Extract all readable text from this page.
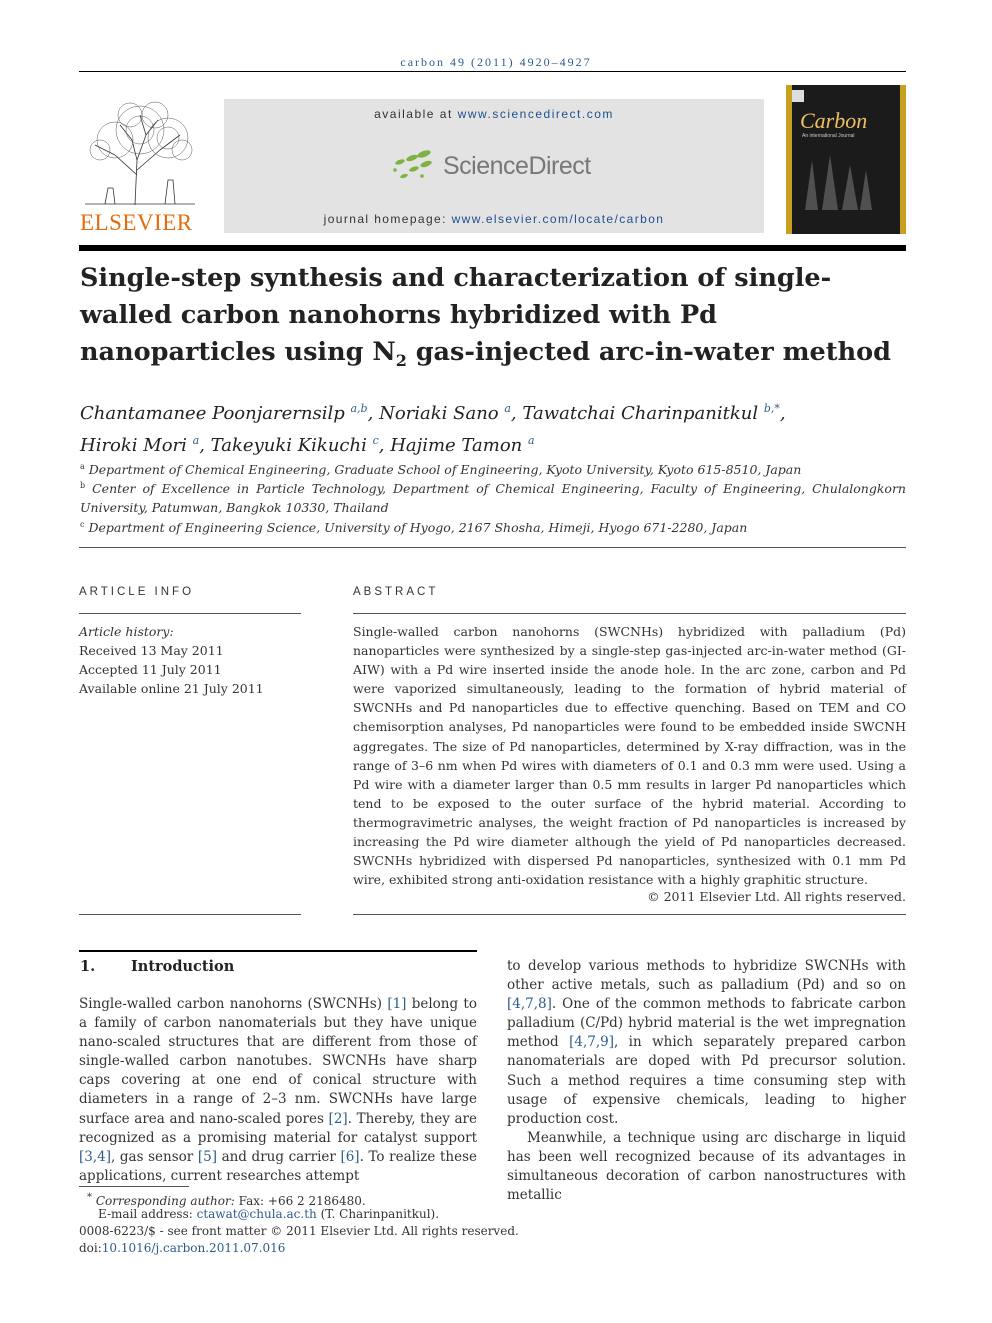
carbon 49 (2011) 4920–4927
ELSEVIER
available at www.sciencedirect.com
ScienceDirect
journal homepage: www.elsevier.com/locate/carbon
Carbon
An international Journal
Single-step synthesis and characterization of single-walled carbon nanohorns hybridized with Pd nanoparticles using $N_2$ gas-injected arc-in-water method
Chantamanee Poonjarernsilp $^{a,b}$, Noriaki Sano $^a$, Tawatchai Charinpanitkul $^{b,*}$,
Hiroki Mori $^a$, Takeyuki Kikuchi $^c$, Hajime Tamon $^a$
$^a$ Department of Chemical Engineering, Graduate School of Engineering, Kyoto University, Kyoto 615-8510, Japan
$^b$ Center of Excellence in Particle Technology, Department of Chemical Engineering, Faculty of Engineering, Chulalongkorn University, Patumwan, Bangkok 10330, Thailand
$^c$ Department of Engineering Science, University of Hyogo, 2167 Shosha, Himeji, Hyogo 671-2280, Japan
ARTICLE INFO
Article history:
Received 13 May 2011
Accepted 11 July 2011
Available online 21 July 2011
ABSTRACT
Single-walled carbon nanohorns (SWCNHs) hybridized with palladium (Pd) nanoparticles were synthesized by a single-step gas-injected arc-in-water method (GI-AIW) with a Pd wire inserted inside the anode hole. In the arc zone, carbon and Pd were vaporized simultaneously, leading to the formation of hybrid material of SWCNHs and Pd nanoparticles due to effective quenching. Based on TEM and CO chemisorption analyses, Pd nanoparticles were found to be embedded inside SWCNH aggregates. The size of Pd nanoparticles, determined by X-ray diffraction, was in the range of 3–6 nm when Pd wires with diameters of 0.1 and 0.3 mm were used. Using a Pd wire with a diameter larger than 0.5 mm results in larger Pd nanoparticles which tend to be exposed to the outer surface of the hybrid material. According to thermogravimetric analyses, the weight fraction of Pd nanoparticles is increased by increasing the Pd wire diameter although the yield of Pd nanoparticles decreased. SWCNHs hybridized with dispersed Pd nanoparticles, synthesized with 0.1 mm Pd wire, exhibited strong anti-oxidation resistance with a highly graphitic structure.
© 2011 Elsevier Ltd. All rights reserved.
1. Introduction

Single-walled carbon nanohorns (SWCNHs) [1] belong to a family of carbon nanomaterials but they have unique nano-scaled structures that are different from those of single-walled carbon nanotubes. SWCNHs have sharp caps covering at one end of conical structure with diameters in a range of 2–3 nm. SWCNHs have large surface area and nano-scaled pores [2]. Thereby, they are recognized as a promising material for catalyst support [3,4], gas sensor [5] and drug carrier [6]. To realize these applications, current researches attempt

to develop various methods to hybridize SWCNHs with other active metals, such as palladium (Pd) and so on [4,7,8]. One of the common methods to fabricate carbon palladium (C/Pd) hybrid material is the wet impregnation method [4,7,9], in which separately prepared carbon nanomaterials are doped with Pd precursor solution. Such a method requires a time consuming step with usage of expensive chemicals, leading to higher production cost.

Meanwhile, a technique using arc discharge in liquid has been well recognized because of its advantages in simultaneous decoration of carbon nanostructures with metallic

* Corresponding author: Fax: +66 2 2186480.
E-mail address: ctawat@chula.ac.th (T. Charinpanitkul).
0008-6223/$ - see front matter © 2011 Elsevier Ltd. All rights reserved.
doi:10.1016/j.carbon.2011.07.016
